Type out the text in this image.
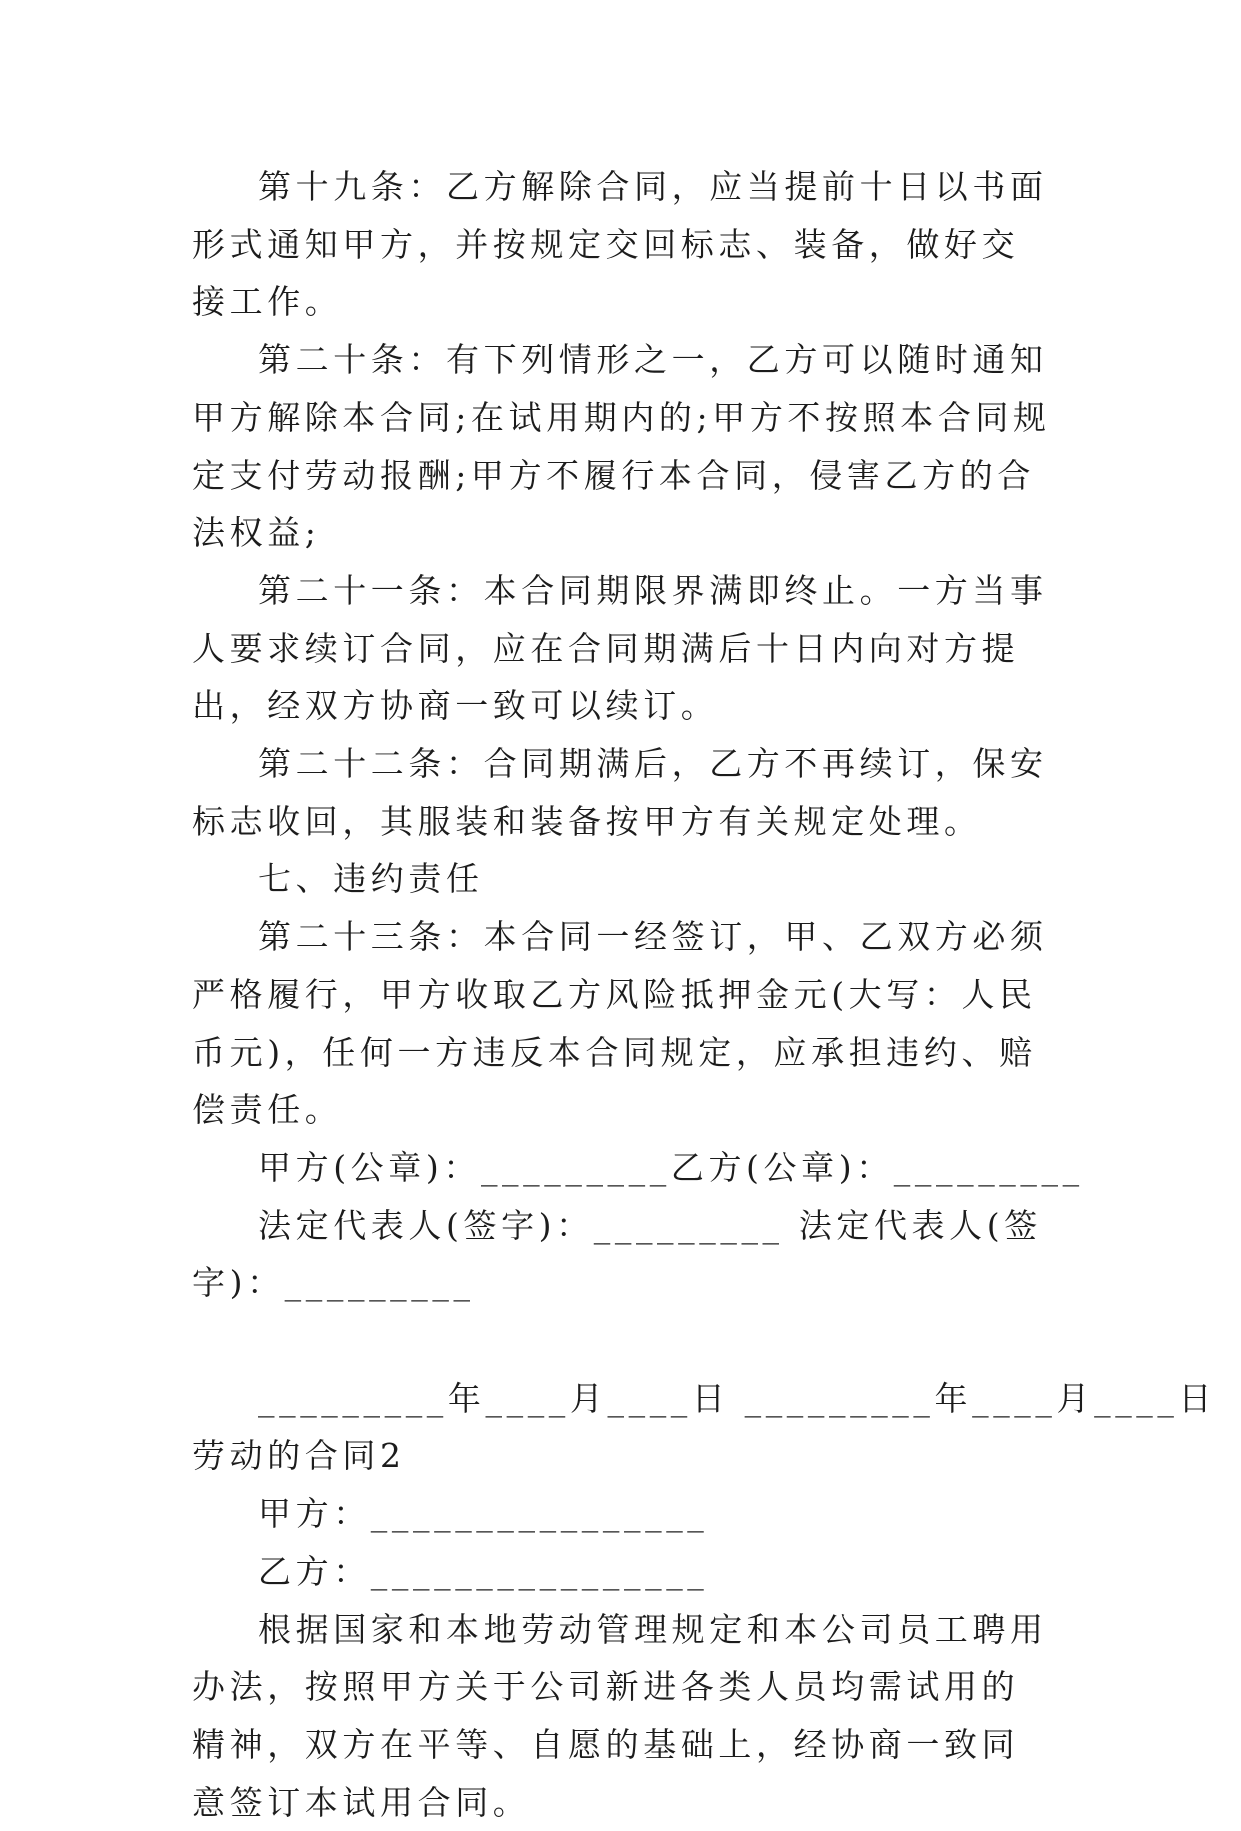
第十九条：乙方解除合同，应当提前十日以书面形式通知甲方，并按规定交回标志、装备，做好交接工作。

第二十条：有下列情形之一，乙方可以随时通知甲方解除本合同;在试用期内的;甲方不按照本合同规定支付劳动报酬;甲方不履行本合同，侵害乙方的合法权益;

第二十一条：本合同期限界满即终止。一方当事人要求续订合同，应在合同期满后十日内向对方提出，经双方协商一致可以续订。

第二十二条：合同期满后，乙方不再续订，保安标志收回，其服装和装备按甲方有关规定处理。

七、违约责任

第二十三条：本合同一经签订，甲、乙双方必须严格履行，甲方收取乙方风险抵押金元(大写：人民币元)，任何一方违反本合同规定，应承担违约、赔偿责任。

甲方(公章)：_________乙方(公章)：_________

法定代表人(签字)：_________ 法定代表人(签字)：_________

_________年____月____日 _________年____月____日

劳动的合同2

甲方：________________

乙方：________________

根据国家和本地劳动管理规定和本公司员工聘用办法，按照甲方关于公司新进各类人员均需试用的精神，双方在平等、自愿的基础上，经协商一致同意签订本试用合同。
